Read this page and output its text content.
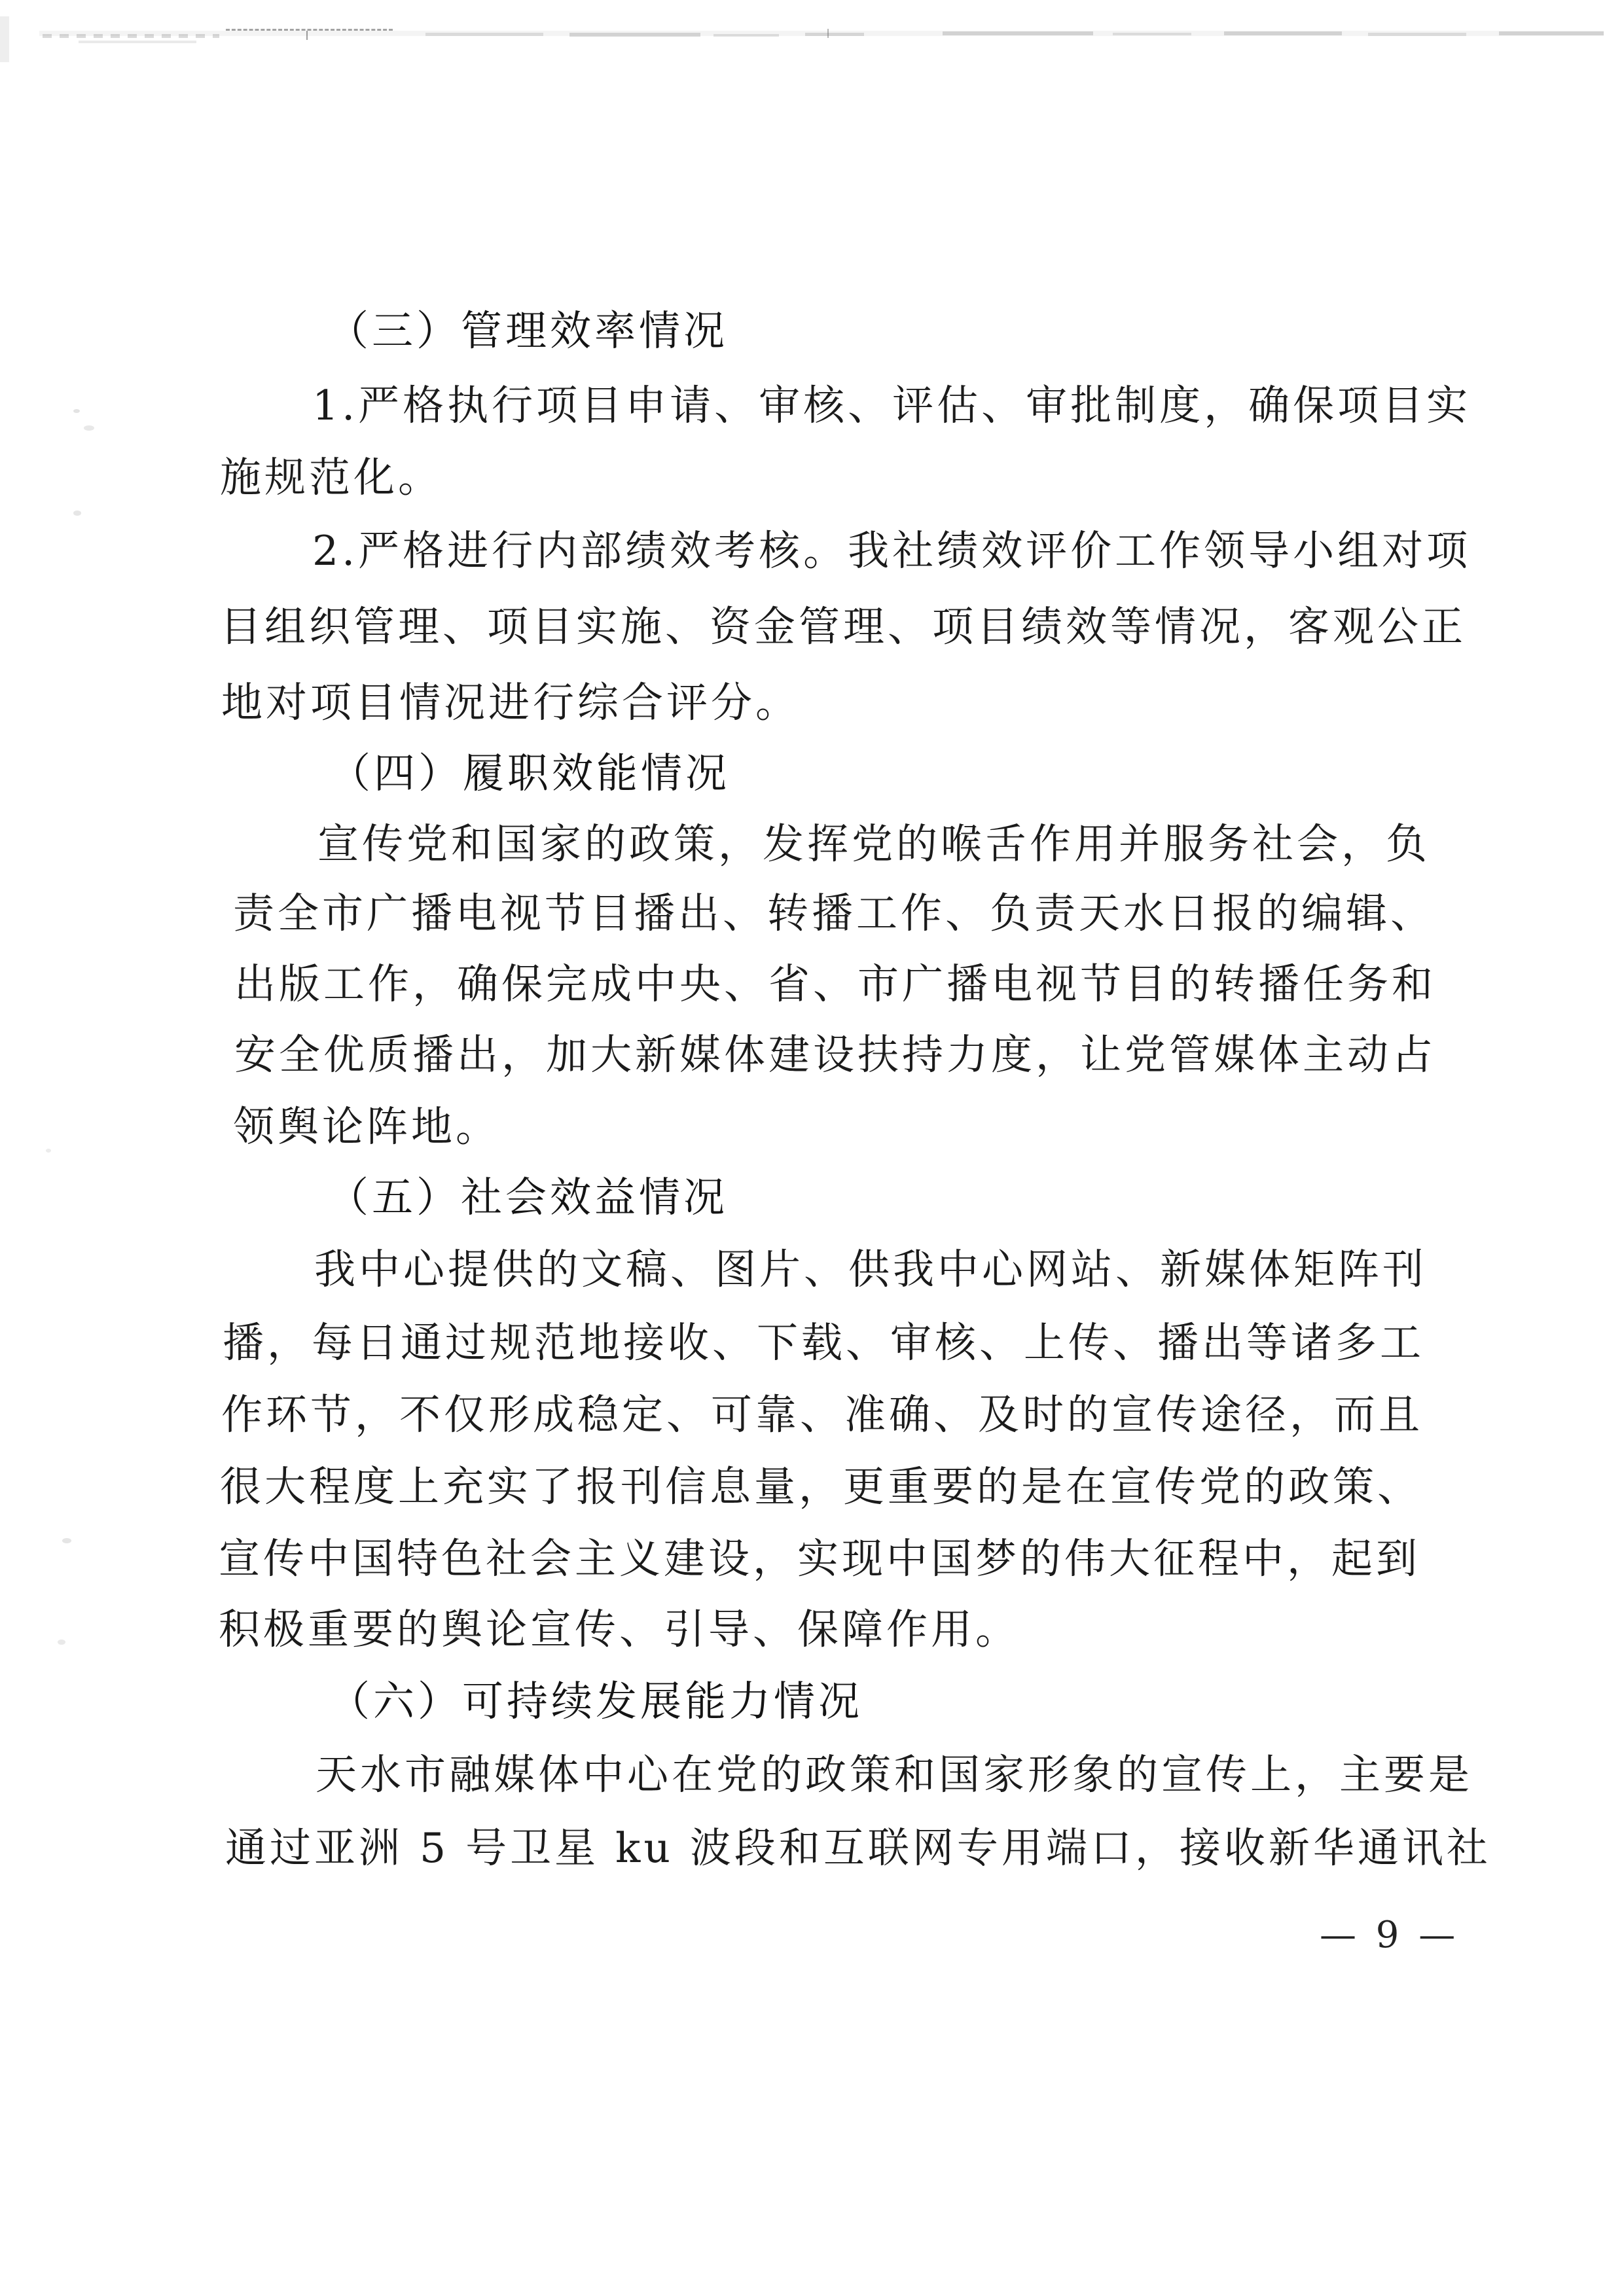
（三）管理效率情况
1.严格执行项目申请、审核、评估、审批制度，确保项目实
施规范化。
2.严格进行内部绩效考核。我社绩效评价工作领导小组对项
目组织管理、项目实施、资金管理、项目绩效等情况，客观公正
地对项目情况进行综合评分。
（四）履职效能情况
宣传党和国家的政策，发挥党的喉舌作用并服务社会，负
责全市广播电视节目播出、转播工作、负责天水日报的编辑、
出版工作，确保完成中央、省、市广播电视节目的转播任务和
安全优质播出，加大新媒体建设扶持力度，让党管媒体主动占
领舆论阵地。
（五）社会效益情况
我中心提供的文稿、图片、供我中心网站、新媒体矩阵刊
播，每日通过规范地接收、下载、审核、上传、播出等诸多工
作环节，不仅形成稳定、可靠、准确、及时的宣传途径，而且
很大程度上充实了报刊信息量，更重要的是在宣传党的政策、
宣传中国特色社会主义建设，实现中国梦的伟大征程中，起到
积极重要的舆论宣传、引导、保障作用。
（六）可持续发展能力情况
天水市融媒体中心在党的政策和国家形象的宣传上，主要是
通过亚洲 5 号卫星 ku 波段和互联网专用端口，接收新华通讯社
— 9 —
